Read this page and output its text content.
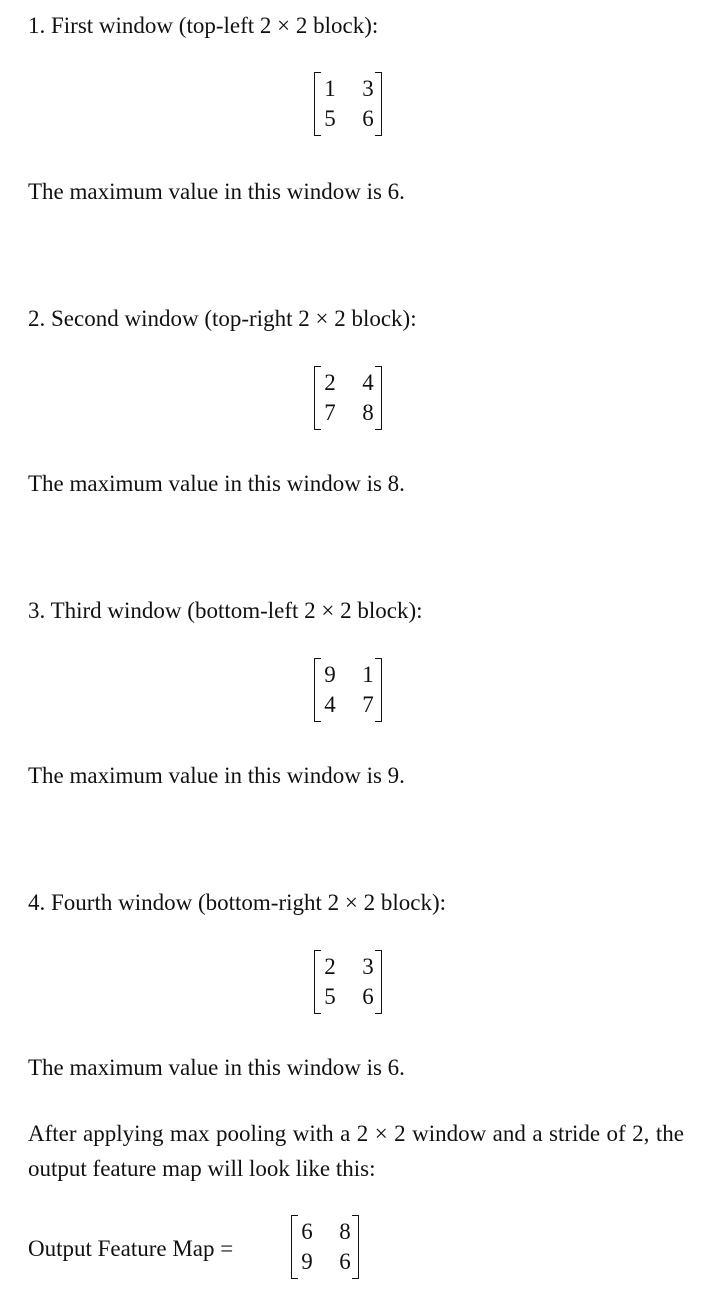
1. First window (top-left 2 × 2 block):
1 3
5 6
The maximum value in this window is 6.
2. Second window (top-right 2 × 2 block):
2 4
7 8
The maximum value in this window is 8.
3. Third window (bottom-left 2 × 2 block):
9 1
4 7
The maximum value in this window is 9.
4. Fourth window (bottom-right 2 × 2 block):
2 3
5 6
The maximum value in this window is 6.
After applying max pooling with a 2 × 2 window and a stride of 2, the output feature map will look like this:
Output Feature Map =
6 8
9 6
